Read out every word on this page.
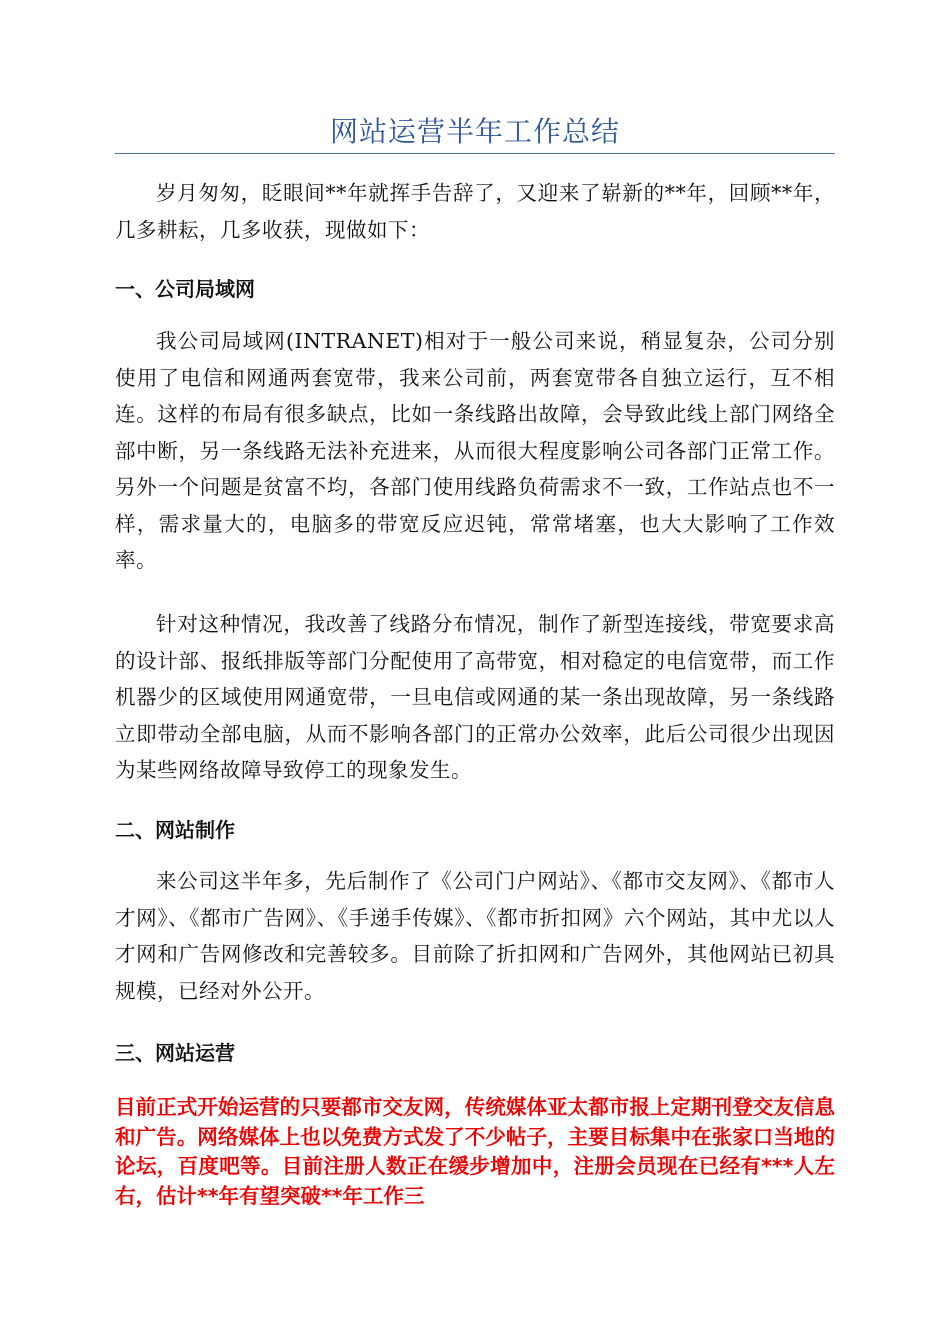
网站运营半年工作总结

岁月匆匆，眨眼间**年就挥手告辞了，又迎来了崭新的**年，回顾**年，几多耕耘，几多收获，现做如下：

一、公司局域网

我公司局域网(INTRANET)相对于一般公司来说，稍显复杂，公司分别使用了电信和网通两套宽带，我来公司前，两套宽带各自独立运行，互不相连。这样的布局有很多缺点，比如一条线路出故障，会导致此线上部门网络全部中断，另一条线路无法补充进来，从而很大程度影响公司各部门正常工作。另外一个问题是贫富不均，各部门使用线路负荷需求不一致，工作站点也不一样，需求量大的，电脑多的带宽反应迟钝，常常堵塞，也大大影响了工作效率。

针对这种情况，我改善了线路分布情况，制作了新型连接线，带宽要求高的设计部、报纸排版等部门分配使用了高带宽，相对稳定的电信宽带，而工作机器少的区域使用网通宽带，一旦电信或网通的某一条出现故障，另一条线路立即带动全部电脑，从而不影响各部门的正常办公效率，此后公司很少出现因为某些网络故障导致停工的现象发生。

二、网站制作

来公司这半年多，先后制作了《公司门户网站》、《都市交友网》、《都市人才网》、《都市广告网》、《手递手传媒》、《都市折扣网》六个网站，其中尤以人才网和广告网修改和完善较多。目前除了折扣网和广告网外，其他网站已初具规模，已经对外公开。

三、网站运营

目前正式开始运营的只要都市交友网，传统媒体亚太都市报上定期刊登交友信息和广告。网络媒体上也以免费方式发了不少帖子，主要目标集中在张家口当地的论坛，百度吧等。目前注册人数正在缓步增加中，注册会员现在已经有***人左右，估计**年有望突破**年工作三
